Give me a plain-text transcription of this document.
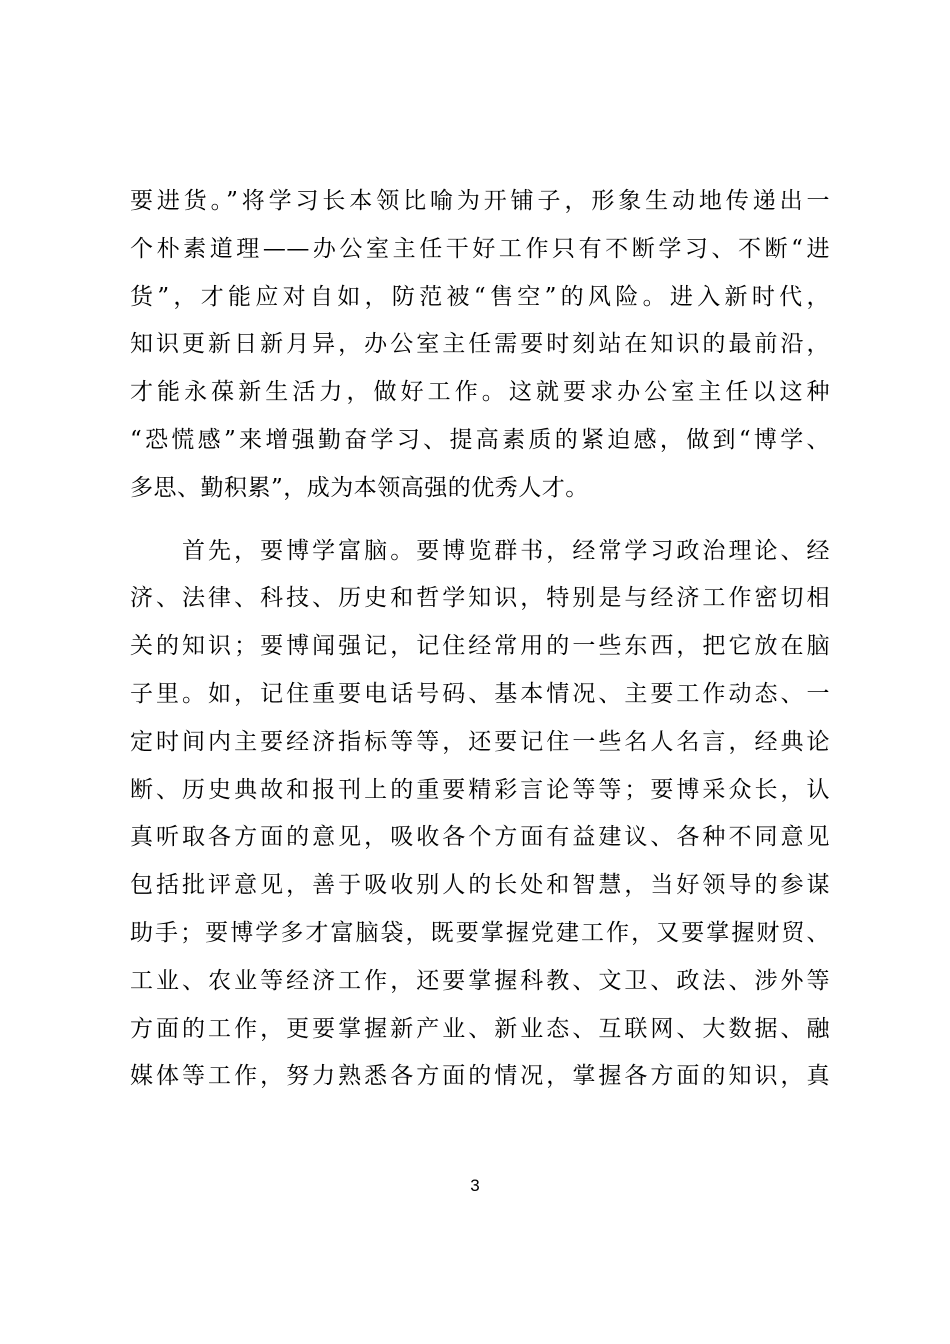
要进货。”将学习长本领比喻为开铺子，形象生动地传递出一
个朴素道理——办公室主任干好工作只有不断学习、不断“进
货”，才能应对自如，防范被“售空”的风险。进入新时代，
知识更新日新月异，办公室主任需要时刻站在知识的最前沿，
才能永葆新生活力，做好工作。这就要求办公室主任以这种
“恐慌感”来增强勤奋学习、提高素质的紧迫感，做到“博学、
多思、勤积累”，成为本领高强的优秀人才。
　　首先，要博学富脑。要博览群书，经常学习政治理论、经
济、法律、科技、历史和哲学知识，特别是与经济工作密切相
关的知识；要博闻强记，记住经常用的一些东西，把它放在脑
子里。如，记住重要电话号码、基本情况、主要工作动态、一
定时间内主要经济指标等等，还要记住一些名人名言，经典论
断、历史典故和报刊上的重要精彩言论等等；要博采众长，认
真听取各方面的意见，吸收各个方面有益建议、各种不同意见
包括批评意见，善于吸收别人的长处和智慧，当好领导的参谋
助手；要博学多才富脑袋，既要掌握党建工作，又要掌握财贸、
工业、农业等经济工作，还要掌握科教、文卫、政法、涉外等
方面的工作，更要掌握新产业、新业态、互联网、大数据、融
媒体等工作，努力熟悉各方面的情况，掌握各方面的知识，真
3
